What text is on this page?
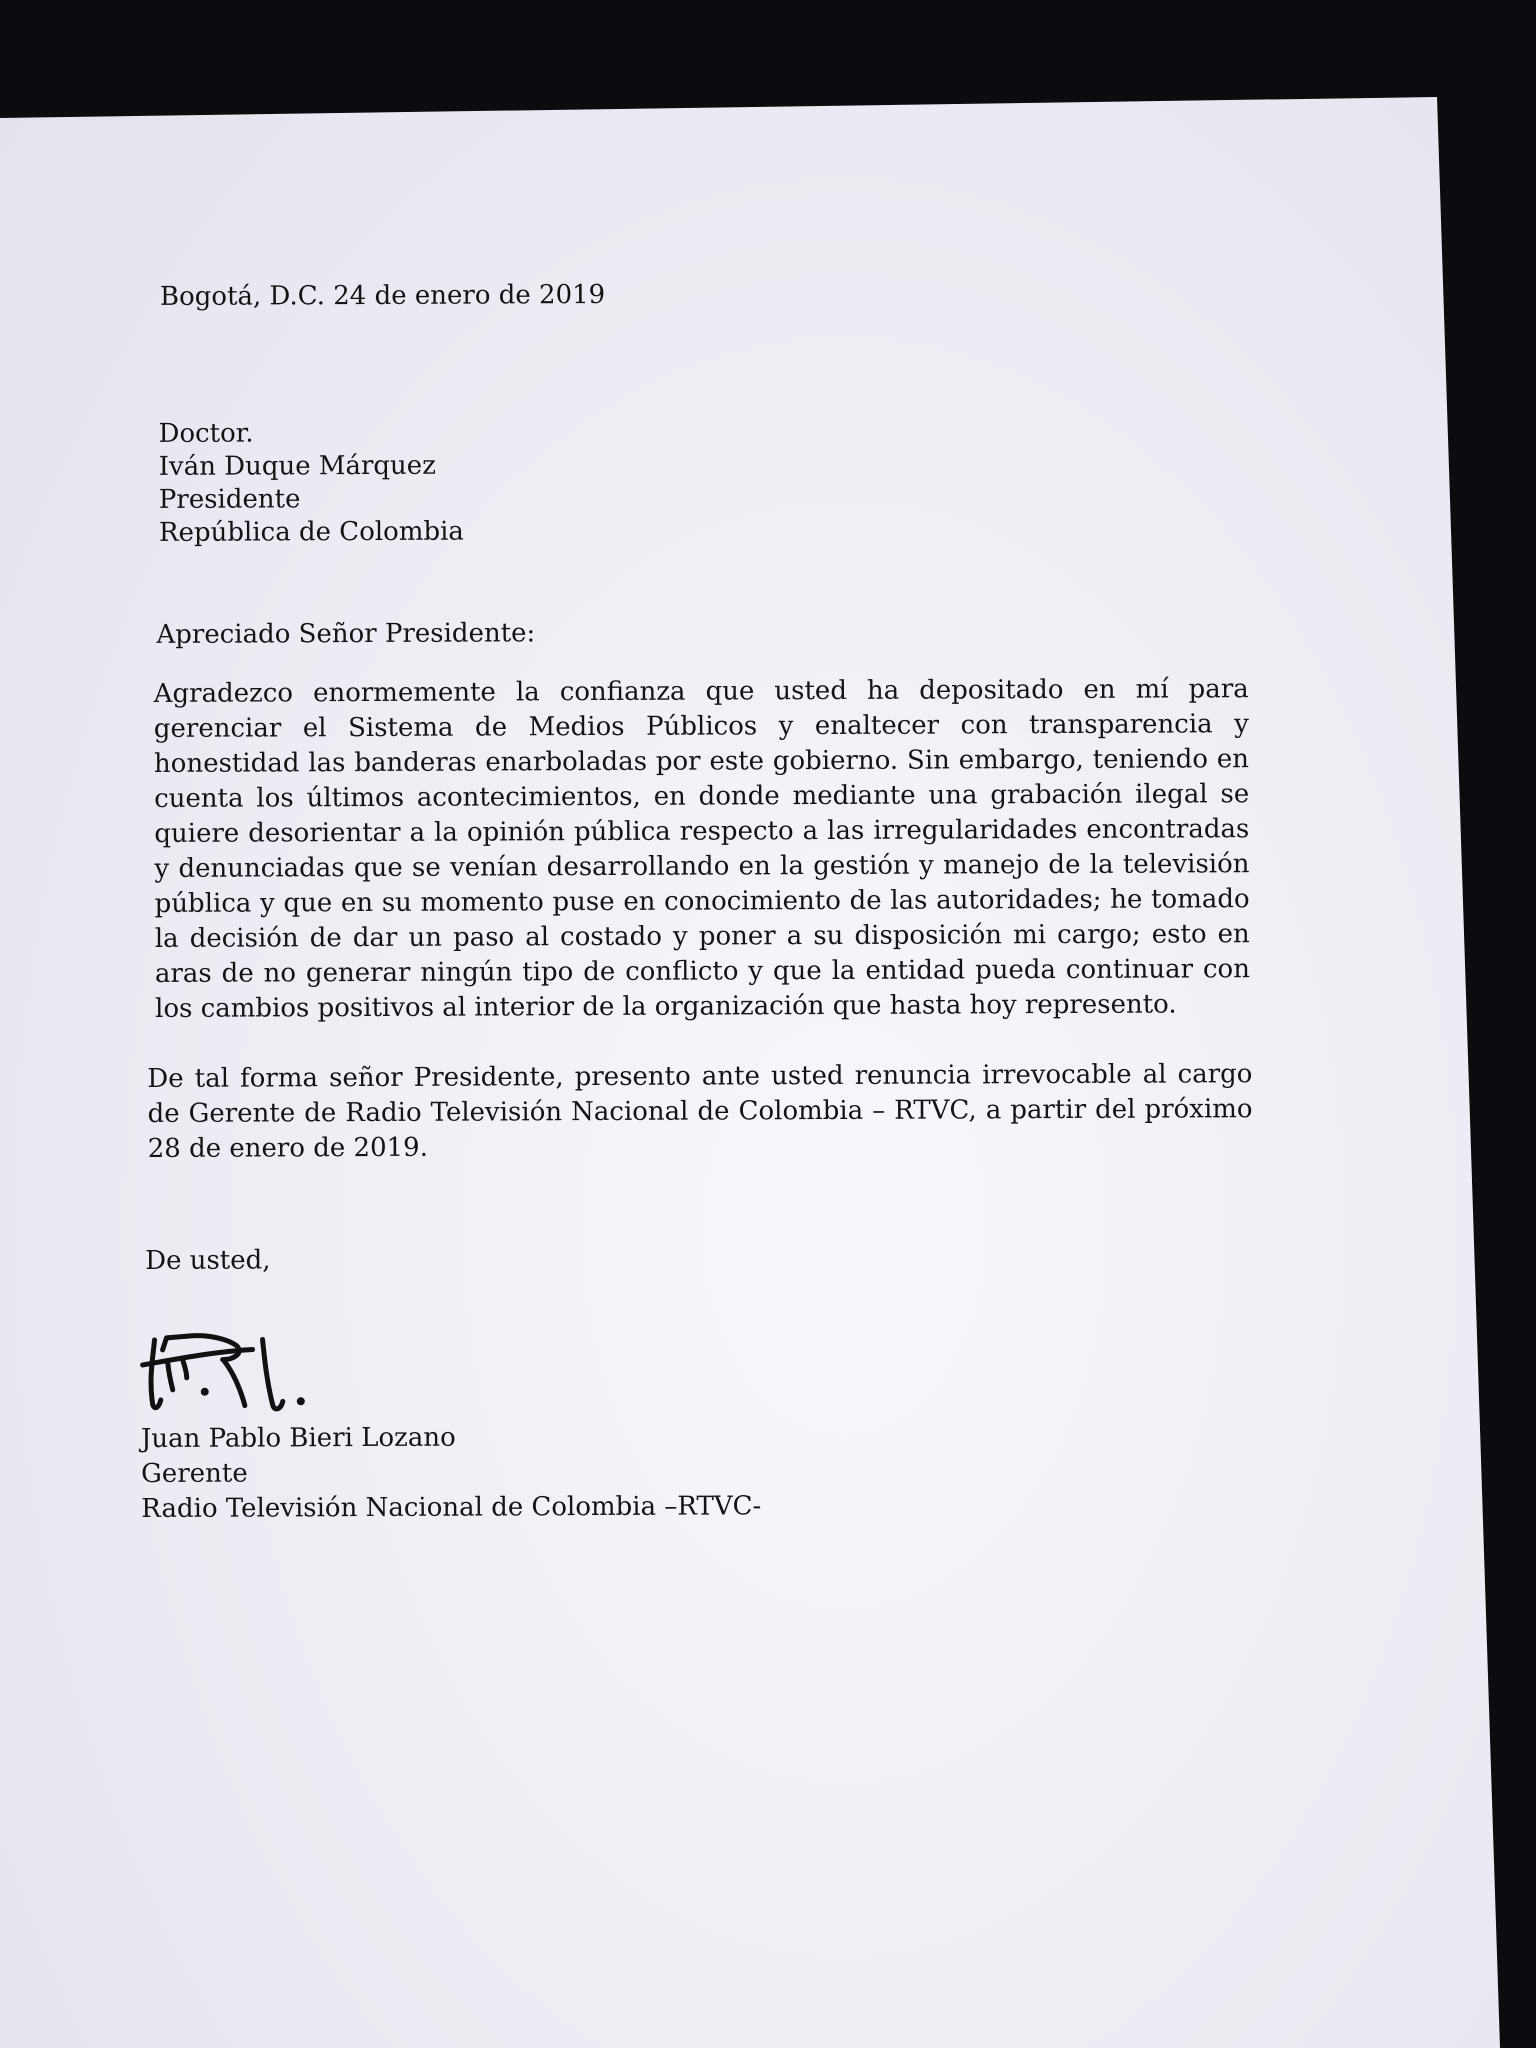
Bogotá, D.C. 24 de enero de 2019
Doctor.
Iván Duque Márquez
Presidente
República de Colombia
Apreciado Señor Presidente:

Agradezco enormemente la confianza que usted ha depositado en mí para gerenciar el Sistema de Medios Públicos y enaltecer con transparencia y honestidad las banderas enarboladas por este gobierno. Sin embargo, teniendo en cuenta los últimos acontecimientos, en donde mediante una grabación ilegal se quiere desorientar a la opinión pública respecto a las irregularidades encontradas y denunciadas que se venían desarrollando en la gestión y manejo de la televisión pública y que en su momento puse en conocimiento de las autoridades; he tomado la decisión de dar un paso al costado y poner a su disposición mi cargo; esto en aras de no generar ningún tipo de conflicto y que la entidad pueda continuar con los cambios positivos al interior de la organización que hasta hoy represento.

De tal forma señor Presidente, presento ante usted renuncia irrevocable al cargo de Gerente de Radio Televisión Nacional de Colombia – RTVC, a partir del próximo 28 de enero de 2019.

De usted,
Juan Pablo Bieri Lozano
Gerente
Radio Televisión Nacional de Colombia –RTVC-
